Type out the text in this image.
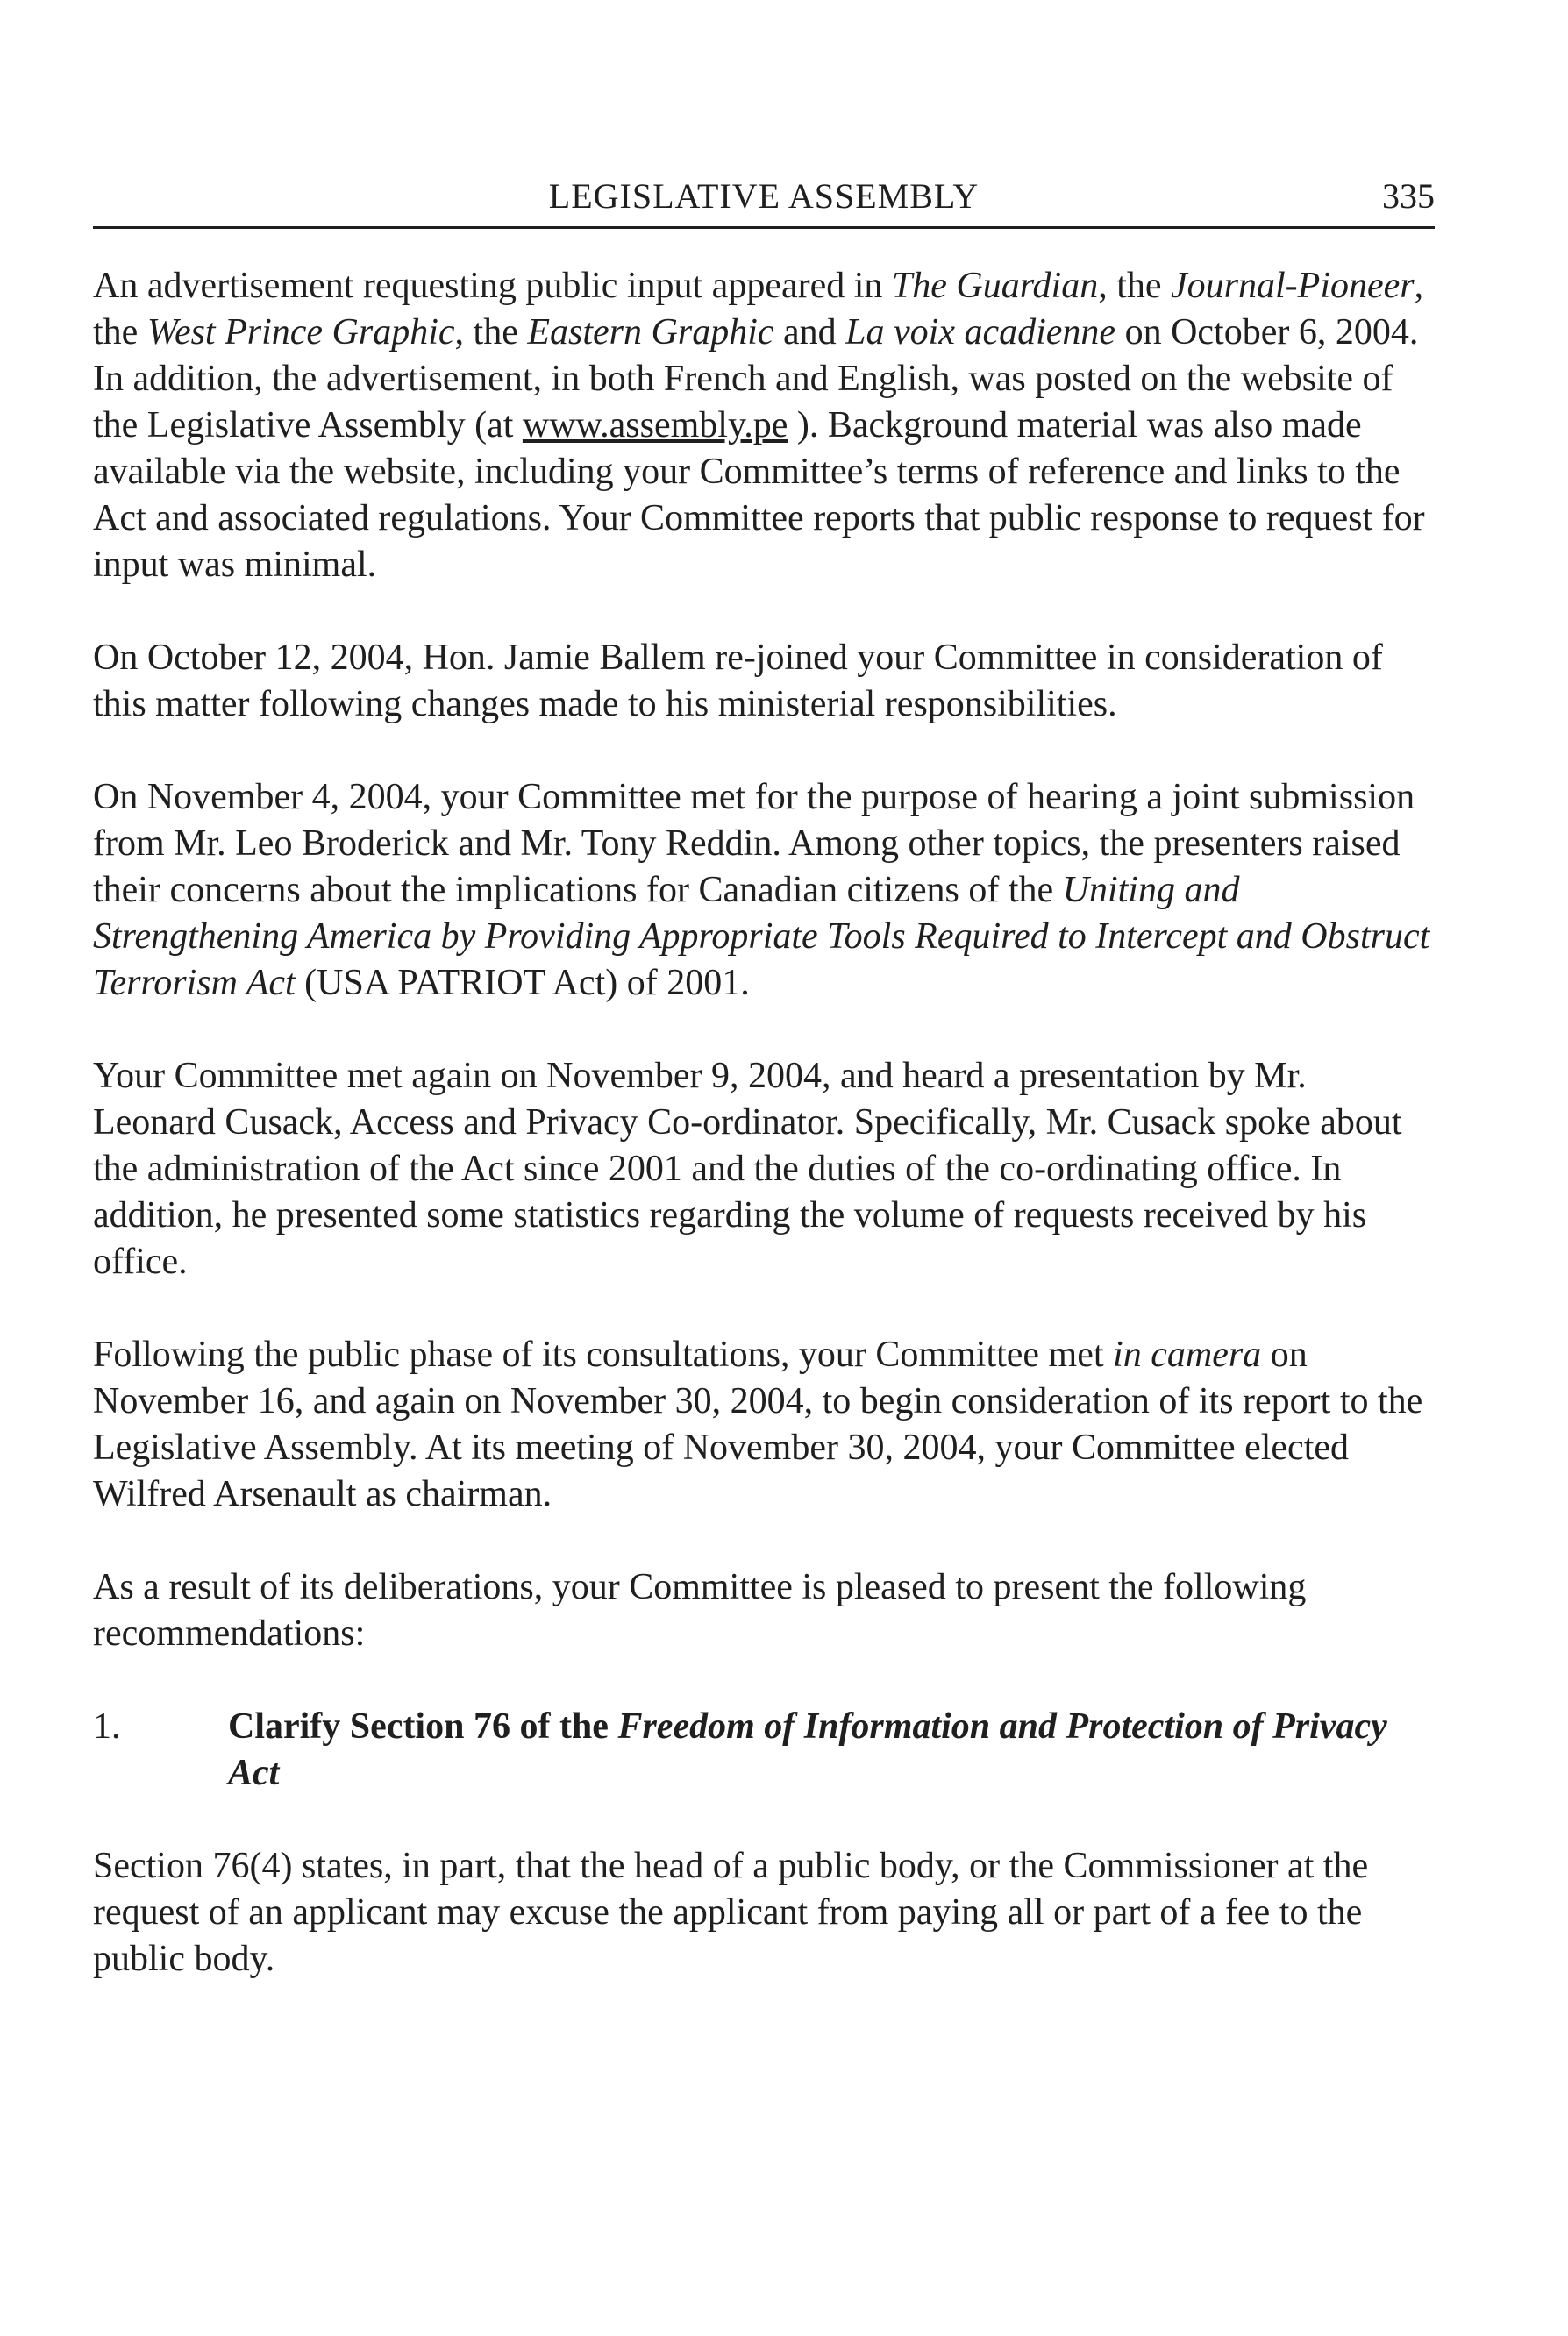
LEGISLATIVE ASSEMBLY	335

An advertisement requesting public input appeared in The Guardian, the Journal-Pioneer, the West Prince Graphic, the Eastern Graphic and La voix acadienne on October 6, 2004. In addition, the advertisement, in both French and English, was posted on the website of the Legislative Assembly (at www.assembly.pe ). Background material was also made available via the website, including your Committee’s terms of reference and links to the Act and associated regulations. Your Committee reports that public response to request for input was minimal.

On October 12, 2004, Hon. Jamie Ballem re-joined your Committee in consideration of this matter following changes made to his ministerial responsibilities.

On November 4, 2004, your Committee met for the purpose of hearing a joint submission from Mr. Leo Broderick and Mr. Tony Reddin. Among other topics, the presenters raised their concerns about the implications for Canadian citizens of the Uniting and Strengthening America by Providing Appropriate Tools Required to Intercept and Obstruct Terrorism Act (USA PATRIOT Act) of 2001.

Your Committee met again on November 9, 2004, and heard a presentation by Mr. Leonard Cusack, Access and Privacy Co-ordinator. Specifically, Mr. Cusack spoke about the administration of the Act since 2001 and the duties of the co-ordinating office. In addition, he presented some statistics regarding the volume of requests received by his office.

Following the public phase of its consultations, your Committee met in camera on November 16, and again on November 30, 2004, to begin consideration of its report to the Legislative Assembly. At its meeting of November 30, 2004, your Committee elected Wilfred Arsenault as chairman.

As a result of its deliberations, your Committee is pleased to present the following recommendations:

1.	Clarify Section 76 of the Freedom of Information and Protection of Privacy Act

Section 76(4) states, in part, that the head of a public body, or the Commissioner at the request of an applicant may excuse the applicant from paying all or part of a fee to the public body.
